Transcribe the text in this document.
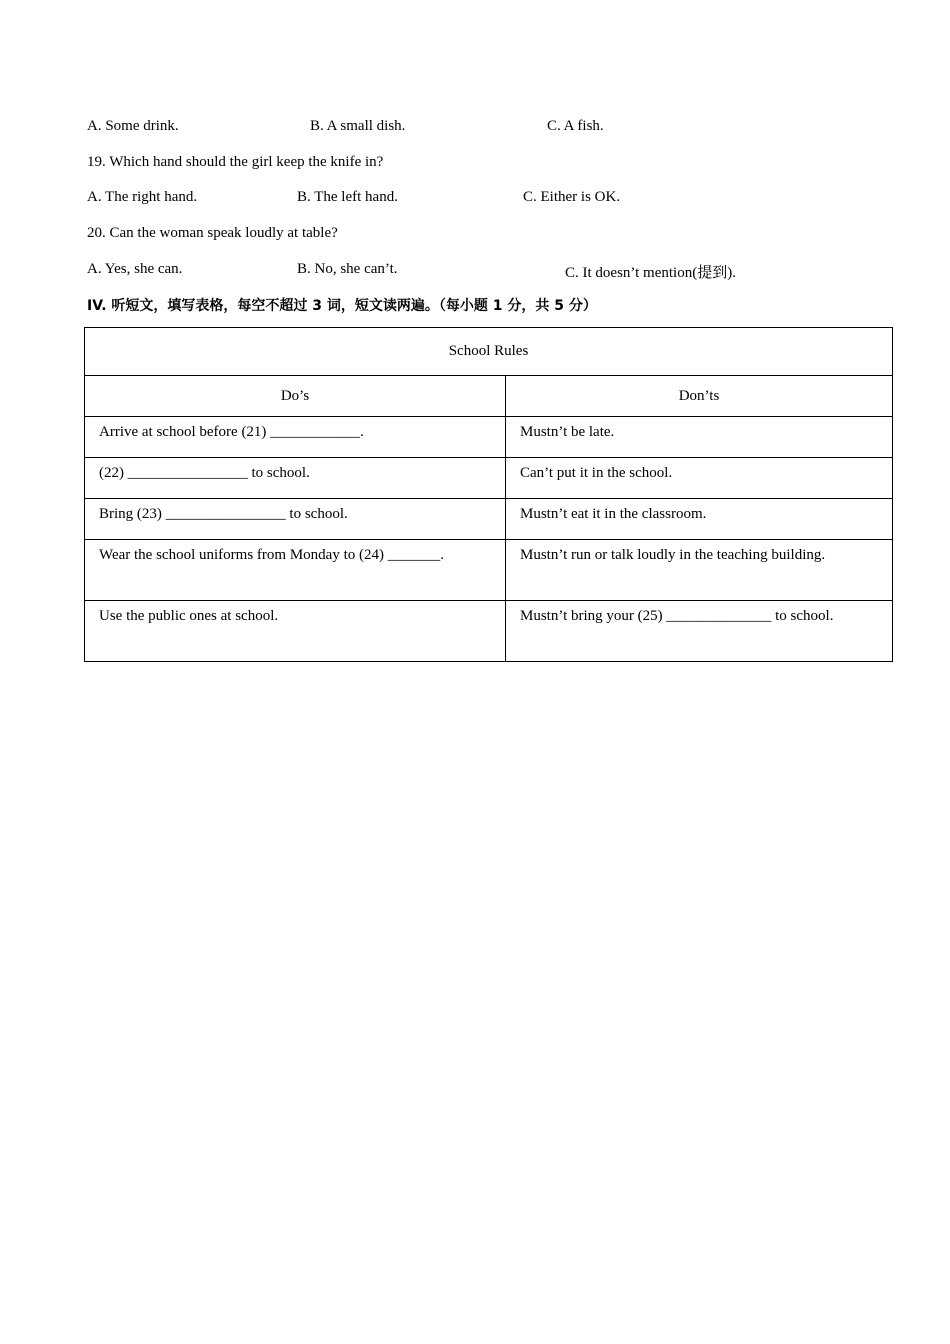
A. Some drink.	B. A small dish.	C. A fish.
19. Which hand should the girl keep the knife in?
A. The right hand.	B. The left hand.	C. Either is OK.
20. Can the woman speak loudly at table?
A. Yes, she can.	B. No, she can’t.	C. It doesn’t mention(提到).
IV. 听短文，填写表格，每空不超过 3 词，短文读两遍。（每小题 1 分，共 5 分）
School Rules	
Do’s	Don’ts
Arrive at school before (21) ____________.	Mustn’t be late.
(22) ________________ to school.	Can’t put it in the school.
Bring (23) ________________ to school.	Mustn’t eat it in the classroom.
Wear the school uniforms from Monday to (24) _______.	Mustn’t run or talk loudly in the teaching building.
Use the public ones at school.	Mustn’t bring your (25) ______________ to school.
